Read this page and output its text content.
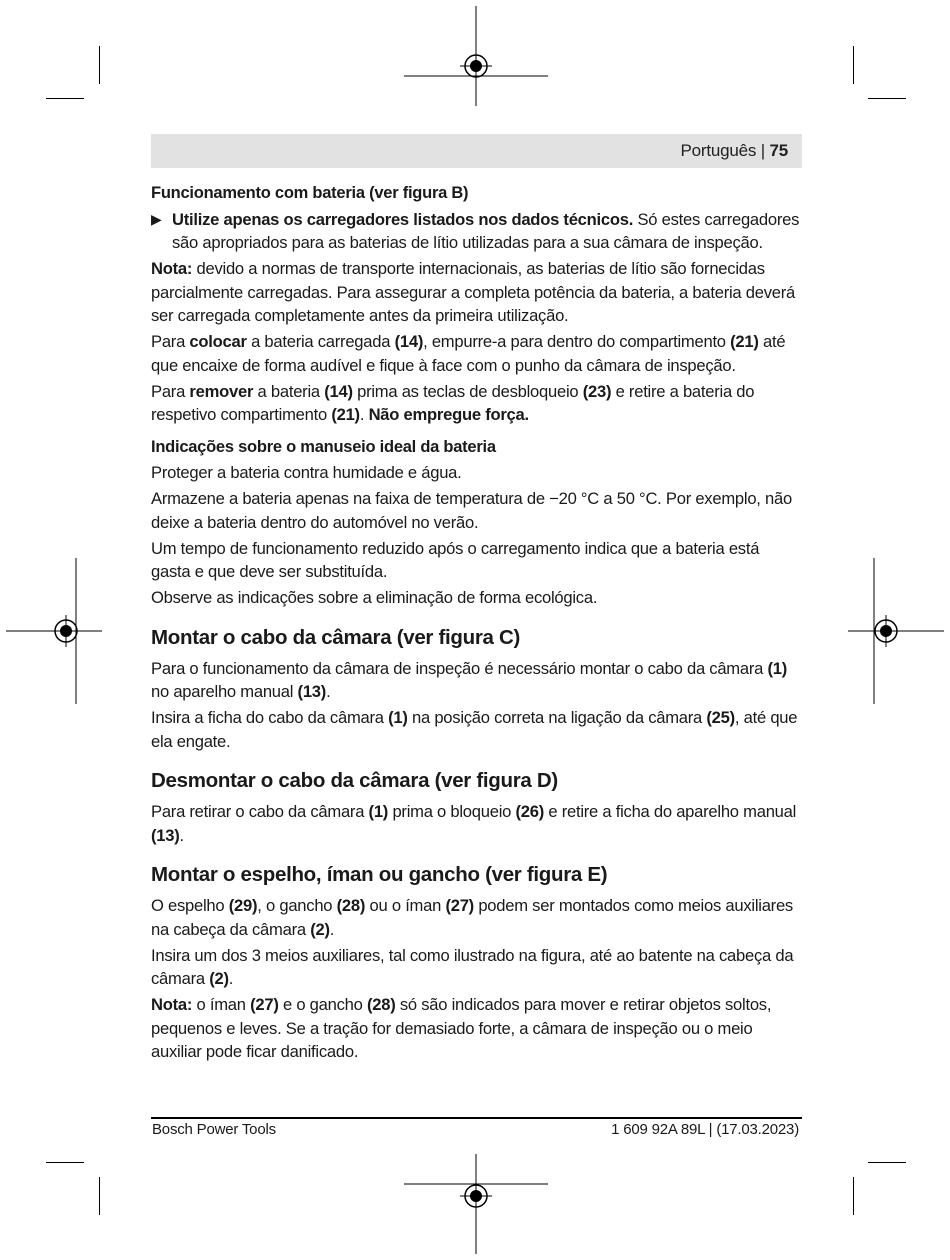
Português | 75

Funcionamento com bateria (ver figura B)

▶ Utilize apenas os carregadores listados nos dados técnicos. Só estes carregadores são apropriados para as baterias de lítio utilizadas para a sua câmara de inspeção.

Nota: devido a normas de transporte internacionais, as baterias de lítio são fornecidas parcialmente carregadas. Para assegurar a completa potência da bateria, a bateria deverá ser carregada completamente antes da primeira utilização.

Para colocar a bateria carregada (14), empurre-a para dentro do compartimento (21) até que encaixe de forma audível e fique à face com o punho da câmara de inspeção.

Para remover a bateria (14) prima as teclas de desbloqueio (23) e retire a bateria do respetivo compartimento (21). Não empregue força.

Indicações sobre o manuseio ideal da bateria

Proteger a bateria contra humidade e água.

Armazene a bateria apenas na faixa de temperatura de −20 °C a 50 °C. Por exemplo, não deixe a bateria dentro do automóvel no verão.

Um tempo de funcionamento reduzido após o carregamento indica que a bateria está gasta e que deve ser substituída.

Observe as indicações sobre a eliminação de forma ecológica.

Montar o cabo da câmara (ver figura C)

Para o funcionamento da câmara de inspeção é necessário montar o cabo da câmara (1) no aparelho manual (13).

Insira a ficha do cabo da câmara (1) na posição correta na ligação da câmara (25), até que ela engate.

Desmontar o cabo da câmara (ver figura D)

Para retirar o cabo da câmara (1) prima o bloqueio (26) e retire a ficha do aparelho manual (13).

Montar o espelho, íman ou gancho (ver figura E)

O espelho (29), o gancho (28) ou o íman (27) podem ser montados como meios auxiliares na cabeça da câmara (2).

Insira um dos 3 meios auxiliares, tal como ilustrado na figura, até ao batente na cabeça da câmara (2).

Nota: o íman (27) e o gancho (28) só são indicados para mover e retirar objetos soltos, pequenos e leves. Se a tração for demasiado forte, a câmara de inspeção ou o meio auxiliar pode ficar danificado.

Bosch Power Tools	1 609 92A 89L | (17.03.2023)
